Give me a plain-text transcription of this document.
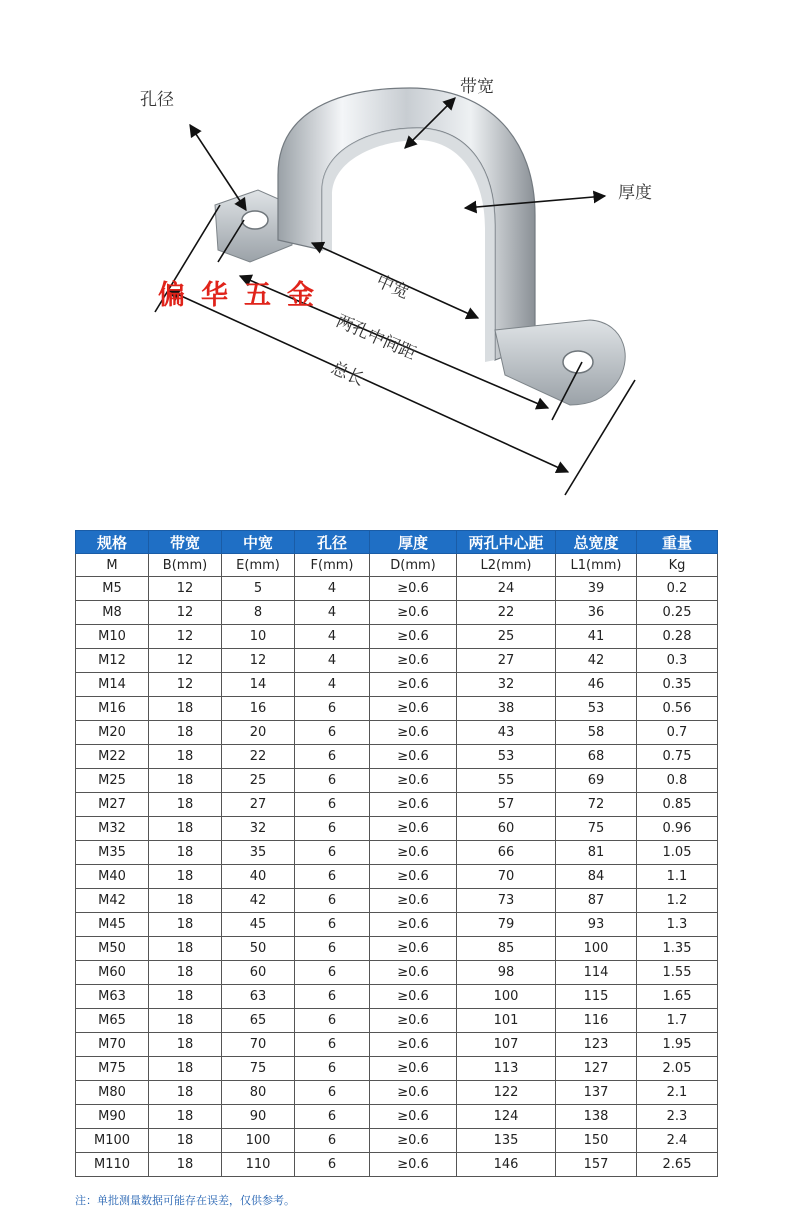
孔径
带宽
厚度
中宽
两孔中间距
总长
偏华五金
规格	带宽	中宽	孔径	厚度	两孔中心距	总宽度	重量
M	B(mm)	E(mm)	F(mm)	D(mm)	L2(mm)	L1(mm)	Kg
M5	12	5	4	≥0.6	24	39	0.2
M8	12	8	4	≥0.6	22	36	0.25
M10	12	10	4	≥0.6	25	41	0.28
M12	12	12	4	≥0.6	27	42	0.3
M14	12	14	4	≥0.6	32	46	0.35
M16	18	16	6	≥0.6	38	53	0.56
M20	18	20	6	≥0.6	43	58	0.7
M22	18	22	6	≥0.6	53	68	0.75
M25	18	25	6	≥0.6	55	69	0.8
M27	18	27	6	≥0.6	57	72	0.85
M32	18	32	6	≥0.6	60	75	0.96
M35	18	35	6	≥0.6	66	81	1.05
M40	18	40	6	≥0.6	70	84	1.1
M42	18	42	6	≥0.6	73	87	1.2
M45	18	45	6	≥0.6	79	93	1.3
M50	18	50	6	≥0.6	85	100	1.35
M60	18	60	6	≥0.6	98	114	1.55
M63	18	63	6	≥0.6	100	115	1.65
M65	18	65	6	≥0.6	101	116	1.7
M70	18	70	6	≥0.6	107	123	1.95
M75	18	75	6	≥0.6	113	127	2.05
M80	18	80	6	≥0.6	122	137	2.1
M90	18	90	6	≥0.6	124	138	2.3
M100	18	100	6	≥0.6	135	150	2.4
M110	18	110	6	≥0.6	146	157	2.65
注：单批测量数据可能存在误差，仅供参考。
